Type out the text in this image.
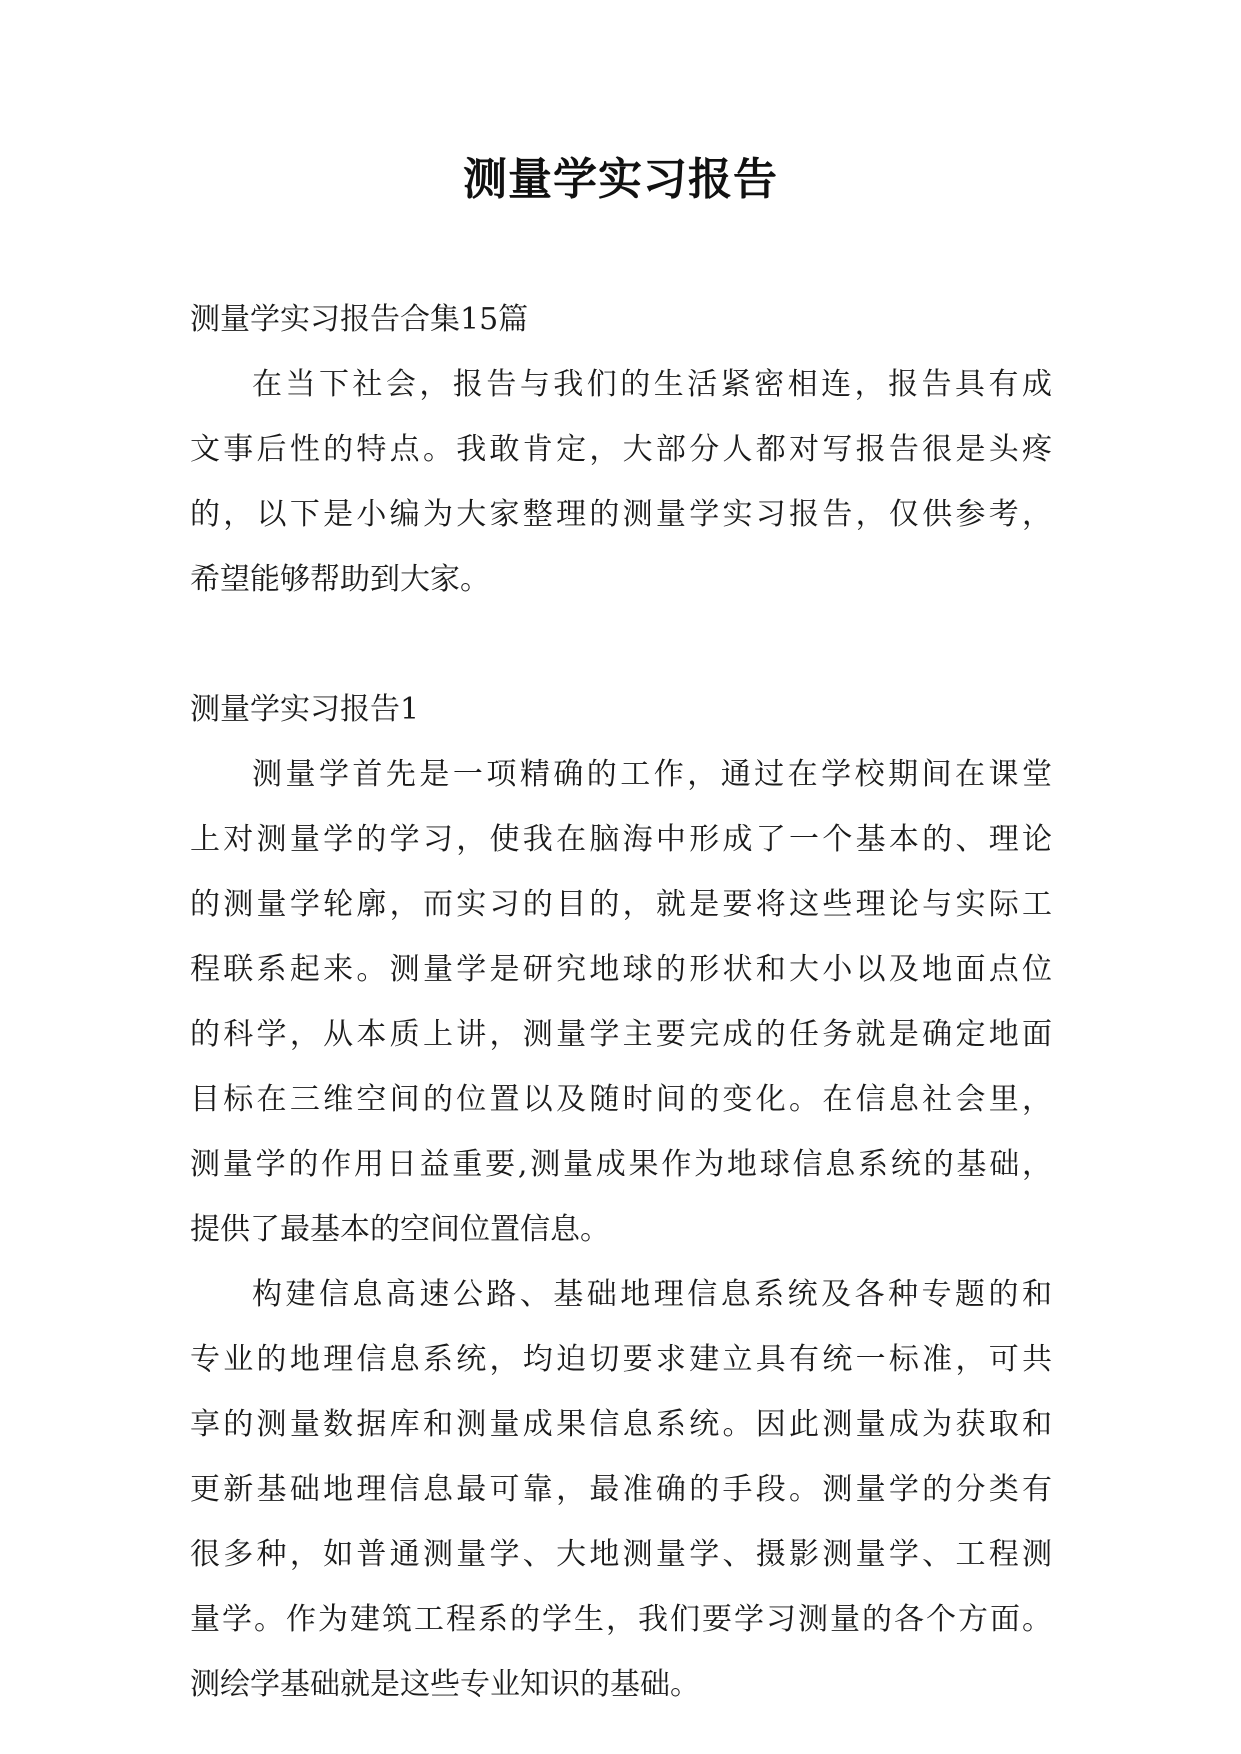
测量学实习报告
测量学实习报告合集15篇
在当下社会，报告与我们的生活紧密相连，报告具有成
文事后性的特点。我敢肯定，大部分人都对写报告很是头疼
的，以下是小编为大家整理的测量学实习报告，仅供参考，
希望能够帮助到大家。
测量学实习报告1
测量学首先是一项精确的工作，通过在学校期间在课堂
上对测量学的学习，使我在脑海中形成了一个基本的、理论
的测量学轮廓，而实习的目的，就是要将这些理论与实际工
程联系起来。测量学是研究地球的形状和大小以及地面点位
的科学，从本质上讲，测量学主要完成的任务就是确定地面
目标在三维空间的位置以及随时间的变化。在信息社会里，
测量学的作用日益重要,测量成果作为地球信息系统的基础，
提供了最基本的空间位置信息。
构建信息高速公路、基础地理信息系统及各种专题的和
专业的地理信息系统，均迫切要求建立具有统一标准，可共
享的测量数据库和测量成果信息系统。因此测量成为获取和
更新基础地理信息最可靠，最准确的手段。测量学的分类有
很多种，如普通测量学、大地测量学、摄影测量学、工程测
量学。作为建筑工程系的学生，我们要学习测量的各个方面。
测绘学基础就是这些专业知识的基础。
